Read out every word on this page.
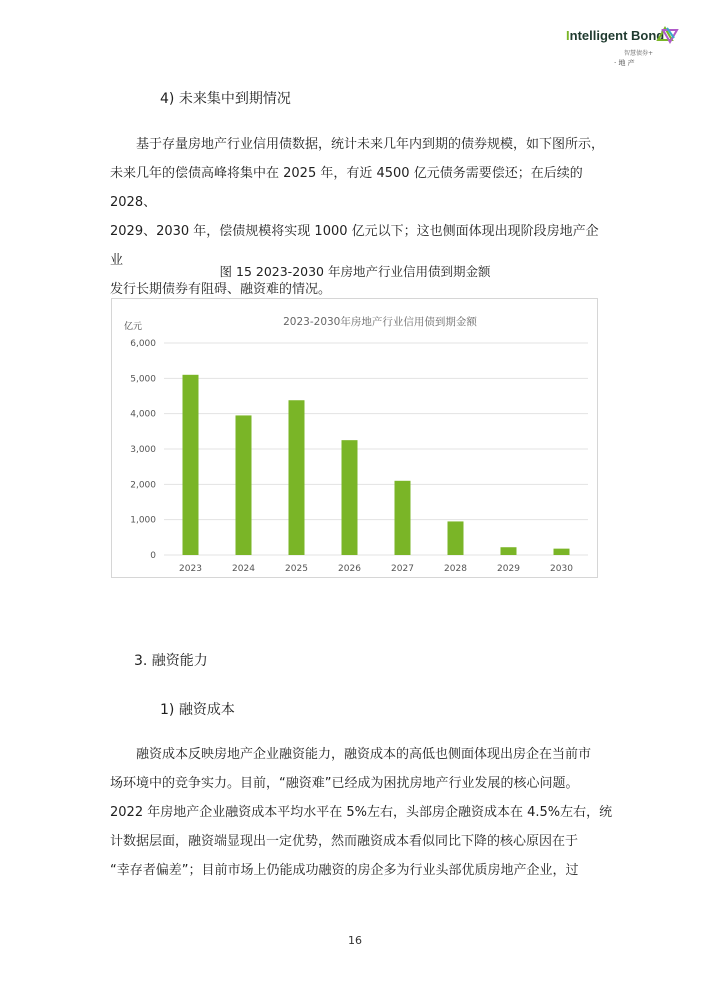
Intelligent Bond
智慧债券+
· 地 产
4) 未来集中到期情况

基于存量房地产行业信用债数据，统计未来几年内到期的债券规模，如下图所示，

未来几年的偿债高峰将集中在 2025 年，有近 4500 亿元债务需要偿还；在后续的 2028、

2029、2030 年，偿债规模将实现 1000 亿元以下；这也侧面体现出现阶段房地产企业

发行长期债券有阻碍、融资难的情况。

图 15 2023-2030 年房地产行业信用债到期金额
2023-2030年房地产行业信用债到期金额
亿元
0
1,000
2,000
3,000
4,000
5,000
6,000
2023	2024	2025	2026	2027	2028	2029	2030
3. 融资能力
1) 融资成本

融资成本反映房地产企业融资能力，融资成本的高低也侧面体现出房企在当前市

场环境中的竞争实力。目前，“融资难”已经成为困扰房地产行业发展的核心问题。

2022 年房地产企业融资成本平均水平在 5%左右，头部房企融资成本在 4.5%左右，统

计数据层面，融资端显现出一定优势，然而融资成本看似同比下降的核心原因在于

“幸存者偏差”；目前市场上仍能成功融资的房企多为行业头部优质房地产企业，过

16
